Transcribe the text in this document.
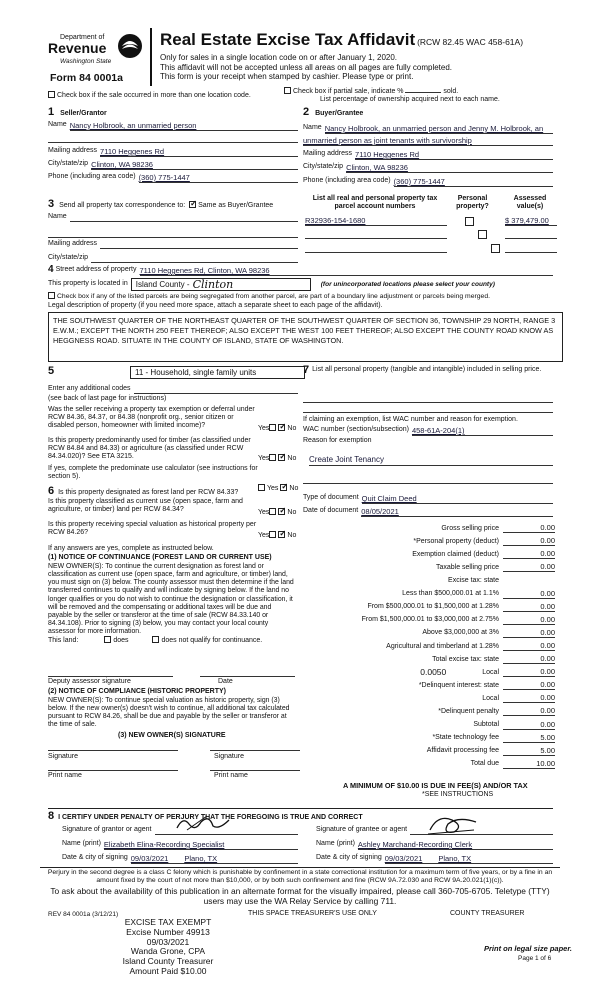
Department of
Revenue
Washington State
Form 84 0001a
Real Estate Excise Tax Affidavit (RCW 82.45 WAC 458-61A)
Only for sales in a single location code on or after January 1, 2020.
This affidavit will not be accepted unless all areas on all pages are fully completed.
This form is your receipt when stamped by cashier. Please type or print.
Check box if the sale occurred in more than one location code.
Check box if partial sale, indicate %	sold.
List percentage of ownership acquired next to each name.
1 Seller/Grantor
Name Nancy Holbrook, an unmarried person
Mailing address 7110 Heggenes Rd
City/state/zip Clinton, WA 98236
Phone (including area code) (360) 775-1447
2 Buyer/Grantee
Name Nancy Holbrook, an unmarried person and Jenny M. Holbrook, an
unmarried person as joint tenants with survivorship
Mailing address 7110 Heggenes Rd
City/state/zip Clinton, WA 98236
Phone (including area code) (360) 775-1447
3 Send all property tax correspondence to: ✓ Same as Buyer/Grantee
Name
Mailing address
City/state/zip
List all real and personal property tax parcel account numbers
Personal property?
Assessed value(s)
R32936-154-1680
	$ 379,479.00

4 Street address of property 7110 Heggenes Rd, Clinton, WA 98236
This property is located in Island County - Clinton	(for unincorporated locations please select your county)
Check box if any of the listed parcels are being segregated from another parcel, are part of a boundary line adjustment or parcels being merged.
Legal description of property (if you need more space, attach a separate sheet to each page of the affidavit).
THE SOUTHWEST QUARTER OF THE NORTHEAST QUARTER OF THE SOUTHWEST QUARTER OF SECTION 36, TOWNSHIP 29 NORTH, RANGE 3 E.W.M.; EXCEPT THE NORTH 250 FEET THEREOF; ALSO EXCEPT THE WEST 100 FEET THEREOF; ALSO EXCEPT THE COUNTY ROAD KNOW AS HEGGNESS ROAD. SITUATE IN THE COUNTY OF ISLAND, STATE OF WASHINGTON.
5	11 - Household, single family units
Enter any additional codes
(see back of last page for instructions)
Was the seller receiving a property tax exemption or deferral under RCW 84.36, 84.37, or 84.38 (nonprofit org., senior citizen or disabled person, homeowner with limited income)?	Yes ✓	No
Is this property predominantly used for timber (as classified under RCW 84.84 and 84.33) or agriculture (as classified under RCW 84.34.020)? See ETA 3215.	Yes ✓	No
If yes, complete the predominate use calculator (see instructions for section 5).
6 Is this property designated as forest land per RCW 84.33?
Yes ✓ No
Is this property classified as current use (open space, farm and agriculture, or timber) land per RCW 84.34?	Yes ✓	No
Is this property receiving special valuation as historical property per RCW 84.26?	Yes ✓	No
If any answers are yes, complete as instructed below.
(1) NOTICE OF CONTINUANCE (FOREST LAND OR CURRENT USE)
NEW OWNER(S): To continue the current designation as forest land or classification as current use (open space, farm and agriculture, or timber) land, you must sign on (3) below. The county assessor must then determine if the land transferred continues to qualify and will indicate by signing below. If the land no longer qualifies or you do not wish to continue the designation or classification, it will be removed and the compensating or additional taxes will be due and payable by the seller or transferor at the time of sale (RCW 84.33.140 or 84.34.108). Prior to signing (3) below, you may contact your local county assessor for more information.
This land:	does	does not qualify for continuance.
Deputy assessor signature	Date
(2) NOTICE OF COMPLIANCE (HISTORIC PROPERTY)
NEW OWNER(S): To continue special valuation as historic property, sign (3) below. If the new owner(s) doesn't wish to continue, all additional tax calculated pursuant to RCW 84.26, shall be due and payable by the seller or transferor at the time of sale.
(3) NEW OWNER(S) SIGNATURE
Signature	Signature
Print name	Print name
7 List all personal property (tangible and intangible) included in selling price.
If claiming an exemption, list WAC number and reason for exemption.
WAC number (section/subsection) 458-61A-204(1)
Reason for exemption
Create Joint Tenancy
Type of document Quit Claim Deed
Date of document 08/05/2021
Gross selling price	0.00
*Personal property (deduct)	0.00
Exemption claimed (deduct)	0.00
Taxable selling price	0.00
Excise tax: state
Less than $500,000.01 at 1.1%	0.00
From $500,000.01 to $1,500,000 at 1.28%	0.00
From $1,500,000.01 to $3,000,000 at 2.75%	0.00
Above $3,000,000 at 3%	0.00
Agricultural and timberland at 1.28%	0.00
Total excise tax: state	0.00
0.0050	Local	0.00
*Delinquent interest: state	0.00
Local	0.00
*Delinquent penalty	0.00
Subtotal	0.00
*State technology fee	5.00
Affidavit processing fee	5.00
Total due	10.00
A MINIMUM OF $10.00 IS DUE IN FEE(S) AND/OR TAX
*SEE INSTRUCTIONS
8 I CERTIFY UNDER PENALTY OF PERJURY THAT THE FOREGOING IS TRUE AND CORRECT
Signature of grantor or agent	Signature of grantee or agent
Name (print) Elizabeth Elina-Recording Specialist	Name (print) Ashley Marchand-Recording Clerk
Date & city of signing 09/03/2021 Plano, TX	Date & city of signing 09/03/2021 Plano, TX
Perjury in the second degree is a class C felony which is punishable by confinement in a state correctional institution for a maximum term of five years, or by a fine in an amount fixed by the court of not more than $10,000, or by both such confinement and fine (RCW 9A.72.030 and RCW 9A.20.021(1)(c)).
To ask about the availability of this publication in an alternate format for the visually impaired, please call 360-705-6705. Teletype (TTY) users may use the WA Relay Service by calling 711.
REV 84 0001a (3/12/21)	THIS SPACE TREASURER'S USE ONLY	COUNTY TREASURER
EXCISE TAX EXEMPT
Excise Number 49913
09/03/2021
Wanda Grone, CPA
Island County Treasurer
Amount Paid $10.00
Print on legal size paper.
Page 1 of 6
